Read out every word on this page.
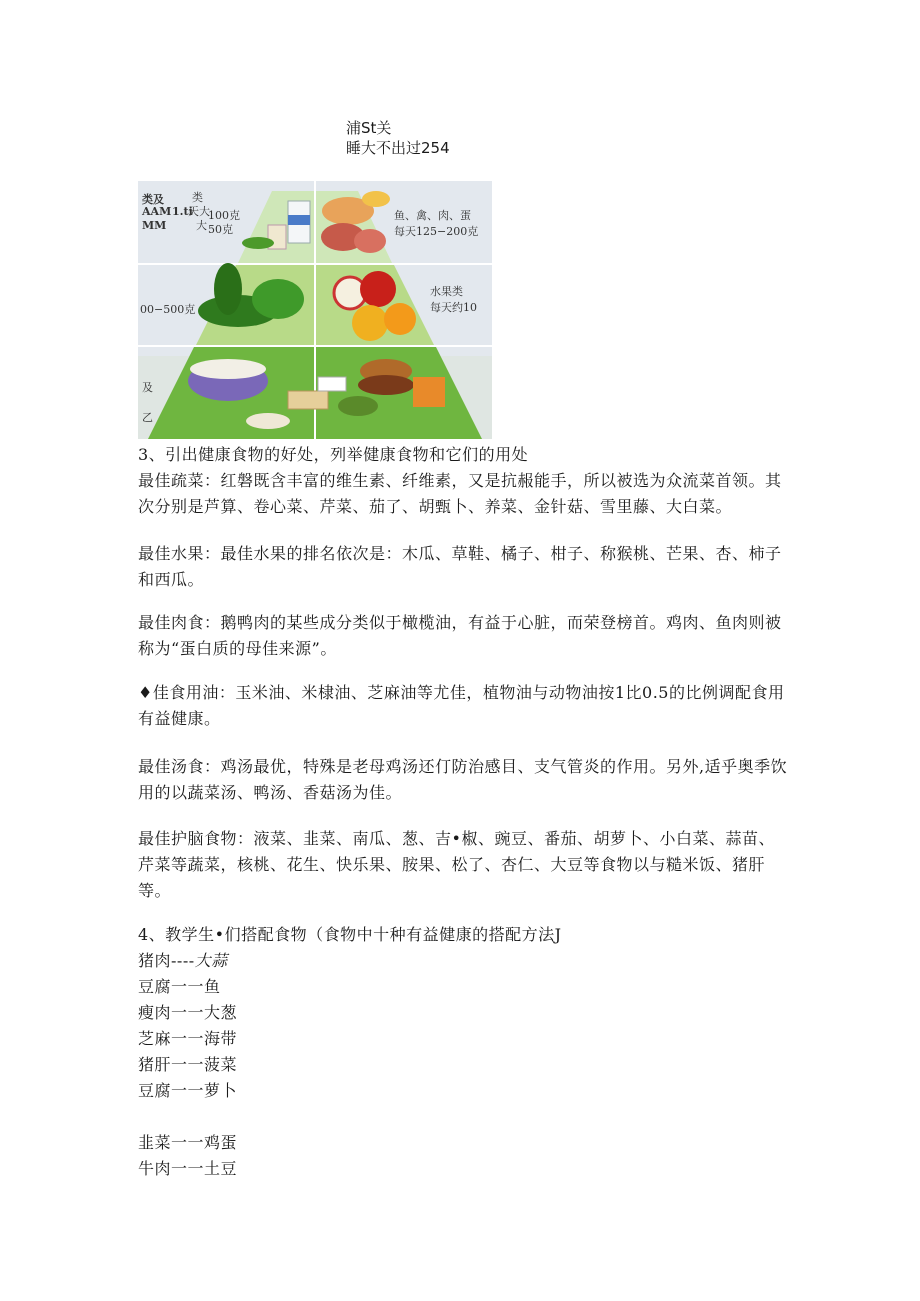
浦St关
睡大不出过254
类及
1.ti
AAM
MM
类
天大
大
100克
50克
鱼、禽、肉、蛋
每天125−200克
00−500克
水果类
每天约10
及
乙

3、引出健康食物的好处，列举健康食物和它们的用处

最佳疏菜：红磐既含丰富的维生素、纤维素，又是抗赧能手，所以被选为众流菜首领。其次分别是芦算、卷心菜、芹菜、茄了、胡甄卜、养菜、金针菇、雪里藤、大白菜。

最佳水果：最佳水果的排名依次是：木瓜、草鞋、橘子、柑子、称猴桃、芒果、杏、柿子和西瓜。

最佳肉食：鹅鸭肉的某些成分类似于橄榄油，有益于心脏，而荣登榜首。鸡肉、鱼肉则被称为“蛋白质的母佳来源”。

♦佳食用油：玉米油、米棣油、芝麻油等尤佳，植物油与动物油按1比0.5的比例调配食用有益健康。

最佳汤食：鸡汤最优，特殊是老母鸡汤还仃防治感目、支气管炎的作用。另外,适乎奥季饮用的以蔬菜汤、鸭汤、香菇汤为佳。

最佳护脑食物：液菜、韭菜、南瓜、葱、吉•椒、豌豆、番茄、胡萝卜、小白菜、蒜苗、芹菜等蔬菜，核桃、花生、快乐果、胺果、松了、杏仁、大豆等食物以与糙米饭、猪肝等。

4、教学生•们搭配食物（食物中十种有益健康的搭配方法J
猪肉----大蒜
豆腐一一鱼
瘦肉一一大葱
芝麻一一海带
猪肝一一菠菜
豆腐一一萝卜
韭菜一一鸡蛋
牛肉一一土豆
